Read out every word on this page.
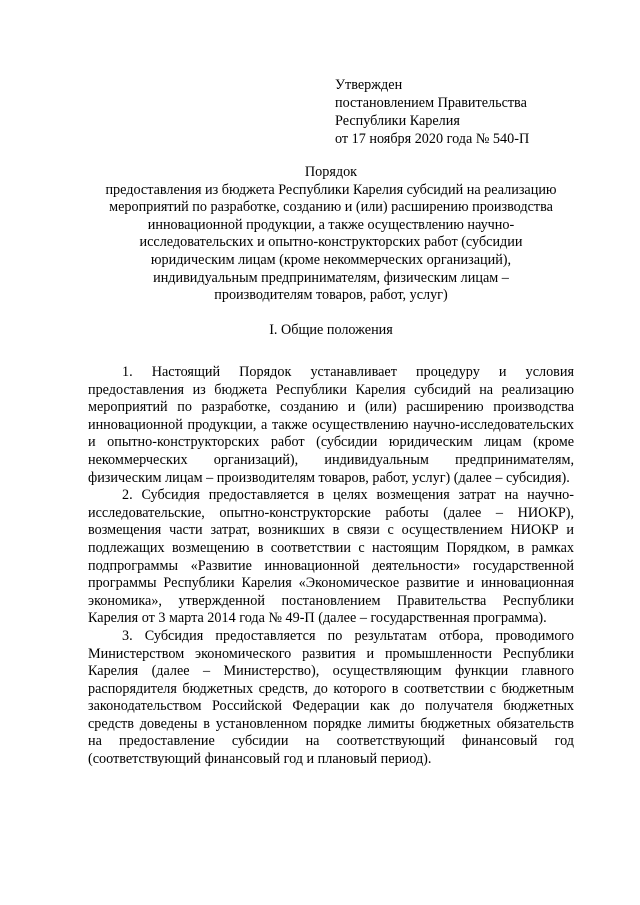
Утвержден
постановлением Правительства
Республики Карелия
от 17 ноября 2020 года № 540-П
Порядок
предоставления из бюджета Республики Карелия субсидий на реализацию
мероприятий по разработке, созданию и (или) расширению производства
инновационной продукции, а также осуществлению научно-
исследовательских и опытно-конструкторских работ (субсидии
юридическим лицам (кроме некоммерческих организаций),
индивидуальным предпринимателям, физическим лицам –
производителям товаров, работ, услуг)
I. Общие положения

1. Настоящий Порядок устанавливает процедуру и условия предоставления из бюджета Республики Карелия субсидий на реализацию мероприятий по разработке, созданию и (или) расширению производства инновационной продукции, а также осуществлению научно-исследовательских и опытно-конструкторских работ (субсидии юридическим лицам (кроме некоммерческих организаций), индивидуальным предпринимателям, физическим лицам – производителям товаров, работ, услуг) (далее – субсидия).

2. Субсидия предоставляется в целях возмещения затрат на научно-исследовательские, опытно-конструкторские работы (далее – НИОКР), возмещения части затрат, возникших в связи с осуществлением НИОКР и подлежащих возмещению в соответствии с настоящим Порядком, в рамках подпрограммы «Развитие инновационной деятельности» государственной программы Республики Карелия «Экономическое развитие и инновационная экономика», утвержденной постановлением Правительства Республики Карелия от 3 марта 2014 года № 49-П (далее – государственная программа).

3. Субсидия предоставляется по результатам отбора, проводимого Министерством экономического развития и промышленности Республики Карелия (далее – Министерство), осуществляющим функции главного распорядителя бюджетных средств, до которого в соответствии с бюджетным законодательством Российской Федерации как до получателя бюджетных средств доведены в установленном порядке лимиты бюджетных обязательств на предоставление субсидии на соответствующий финансовый год (соответствующий финансовый год и плановый период).
